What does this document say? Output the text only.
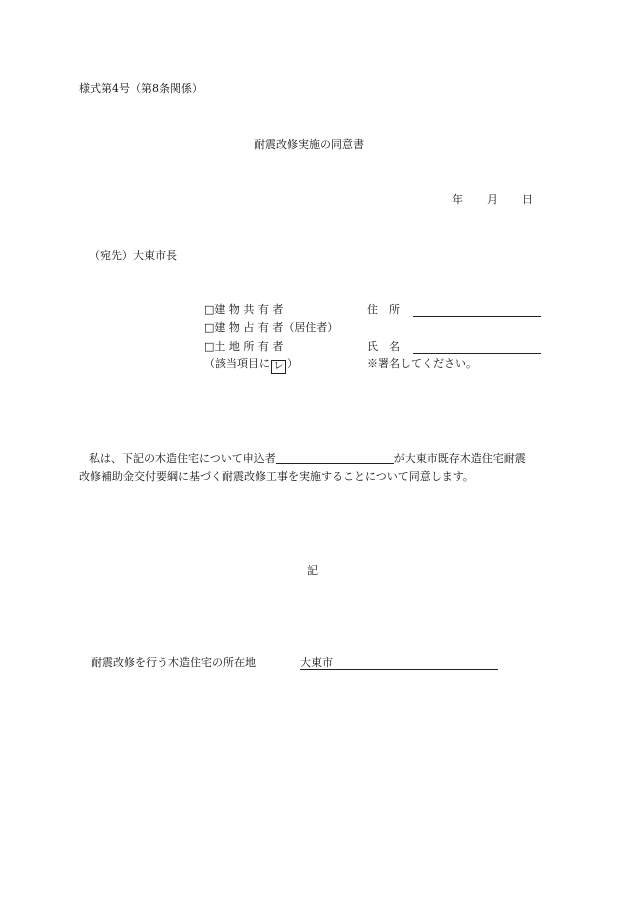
様式第4号（第8条関係）
耐震改修実施の同意書
年 月 日
（宛先）大東市長
□建 物 共 有 者
□建 物 占 有 者（居住者）
□土 地 所 有 者
（該当項目に レ ）
住　所
氏　名
※署名してください。
私は、下記の木造住宅について申込者	が大東市既存木造住宅耐震
改修補助金交付要綱に基づく耐震改修工事を実施することについて同意します。
記
耐震改修を行う木造住宅の所在地	大東市
